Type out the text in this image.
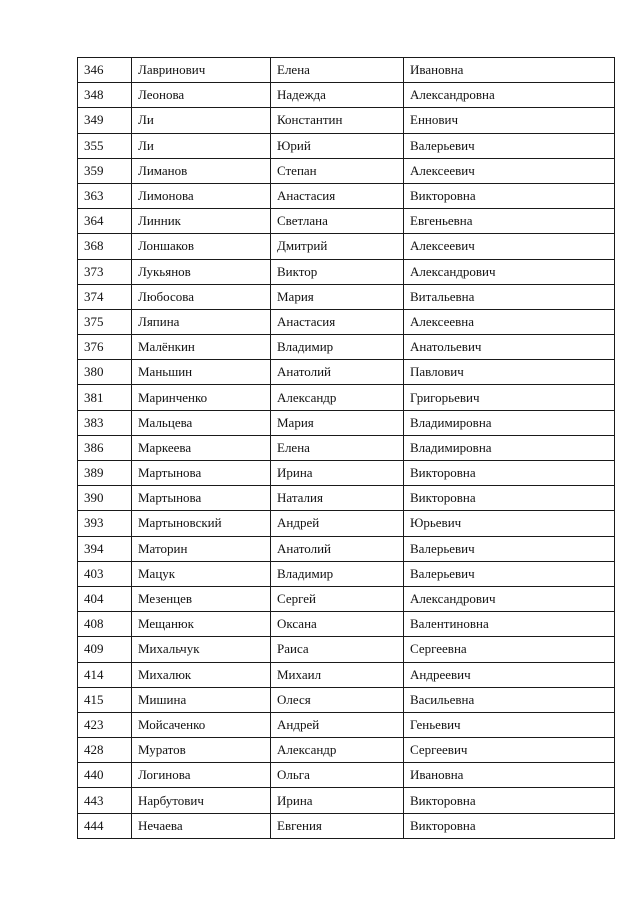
346	Лавринович	Елена	Ивановна
348	Леонова	Надежда	Александровна
349	Ли	Константин	Еннович
355	Ли	Юрий	Валерьевич
359	Лиманов	Степан	Алексеевич
363	Лимонова	Анастасия	Викторовна
364	Линник	Светлана	Евгеньевна
368	Лоншаков	Дмитрий	Алексеевич
373	Лукьянов	Виктор	Александрович
374	Любосова	Мария	Витальевна
375	Ляпина	Анастасия	Алексеевна
376	Малёнкин	Владимир	Анатольевич
380	Маньшин	Анатолий	Павлович
381	Маринченко	Александр	Григорьевич
383	Мальцева	Мария	Владимировна
386	Маркеева	Елена	Владимировна
389	Мартынова	Ирина	Викторовна
390	Мартынова	Наталия	Викторовна
393	Мартыновский	Андрей	Юрьевич
394	Маторин	Анатолий	Валерьевич
403	Мацук	Владимир	Валерьевич
404	Мезенцев	Сергей	Александрович
408	Мещанюк	Оксана	Валентиновна
409	Михальчук	Раиса	Сергеевна
414	Михалюк	Михаил	Андреевич
415	Мишина	Олеся	Васильевна
423	Мойсаченко	Андрей	Геньевич
428	Муратов	Александр	Сергеевич
440	Логинова	Ольга	Ивановна
443	Нарбутович	Ирина	Викторовна
444	Нечаева	Евгения	Викторовна
